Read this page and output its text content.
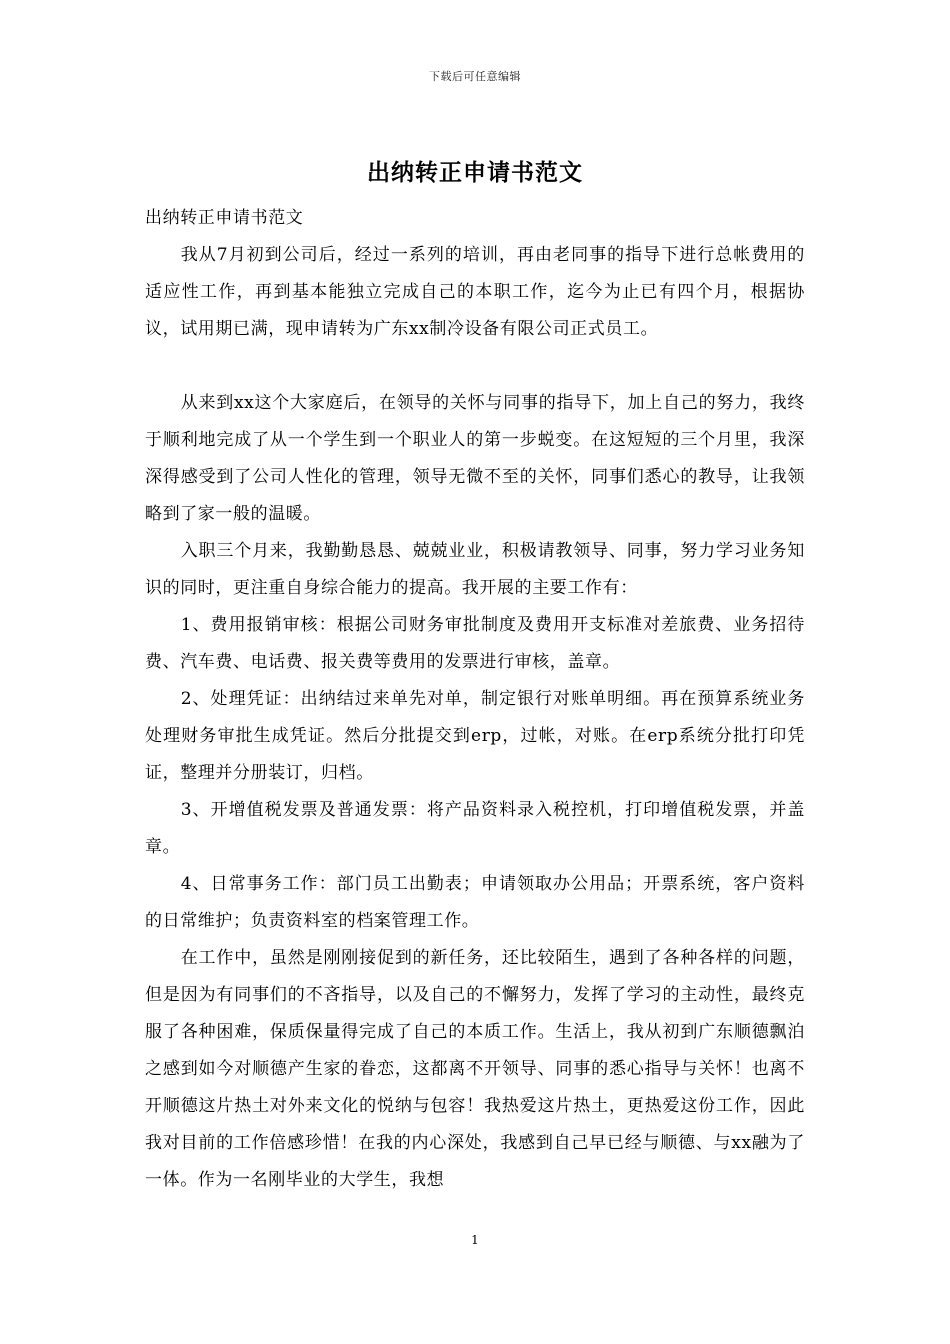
下载后可任意编辑
出纳转正申请书范文

出纳转正申请书范文

我从7月初到公司后，经过一系列的培训，再由老同事的指导下进行总帐费用的适应性工作，再到基本能独立完成自己的本职工作，迄今为止已有四个月，根据协议，试用期已满，现申请转为广东xx制冷设备有限公司正式员工。

从来到xx这个大家庭后，在领导的关怀与同事的指导下，加上自己的努力，我终于顺利地完成了从一个学生到一个职业人的第一步蜕变。在这短短的三个月里，我深深得感受到了公司人性化的管理，领导无微不至的关怀，同事们悉心的教导，让我领略到了家一般的温暖。

入职三个月来，我勤勤恳恳、兢兢业业，积极请教领导、同事，努力学习业务知识的同时，更注重自身综合能力的提高。我开展的主要工作有：

1、费用报销审核：根据公司财务审批制度及费用开支标准对差旅费、业务招待费、汽车费、电话费、报关费等费用的发票进行审核，盖章。

2、处理凭证：出纳结过来单先对单，制定银行对账单明细。再在预算系统业务处理财务审批生成凭证。然后分批提交到erp，过帐，对账。在erp系统分批打印凭证，整理并分册装订，归档。

3、开增值税发票及普通发票：将产品资料录入税控机，打印增值税发票，并盖章。

4、日常事务工作：部门员工出勤表；申请领取办公用品；开票系统，客户资料的日常维护；负责资料室的档案管理工作。

在工作中，虽然是刚刚接促到的新任务，还比较陌生，遇到了各种各样的问题，但是因为有同事们的不吝指导，以及自己的不懈努力，发挥了学习的主动性，最终克服了各种困难，保质保量得完成了自己的本质工作。生活上，我从初到广东顺德飘泊之感到如今对顺德产生家的眷恋，这都离不开领导、同事的悉心指导与关怀！也离不开顺德这片热土对外来文化的悦纳与包容！我热爱这片热土，更热爱这份工作，因此我对目前的工作倍感珍惜！在我的内心深处，我感到自己早已经与顺德、与xx融为了一体。作为一名刚毕业的大学生，我想

1
